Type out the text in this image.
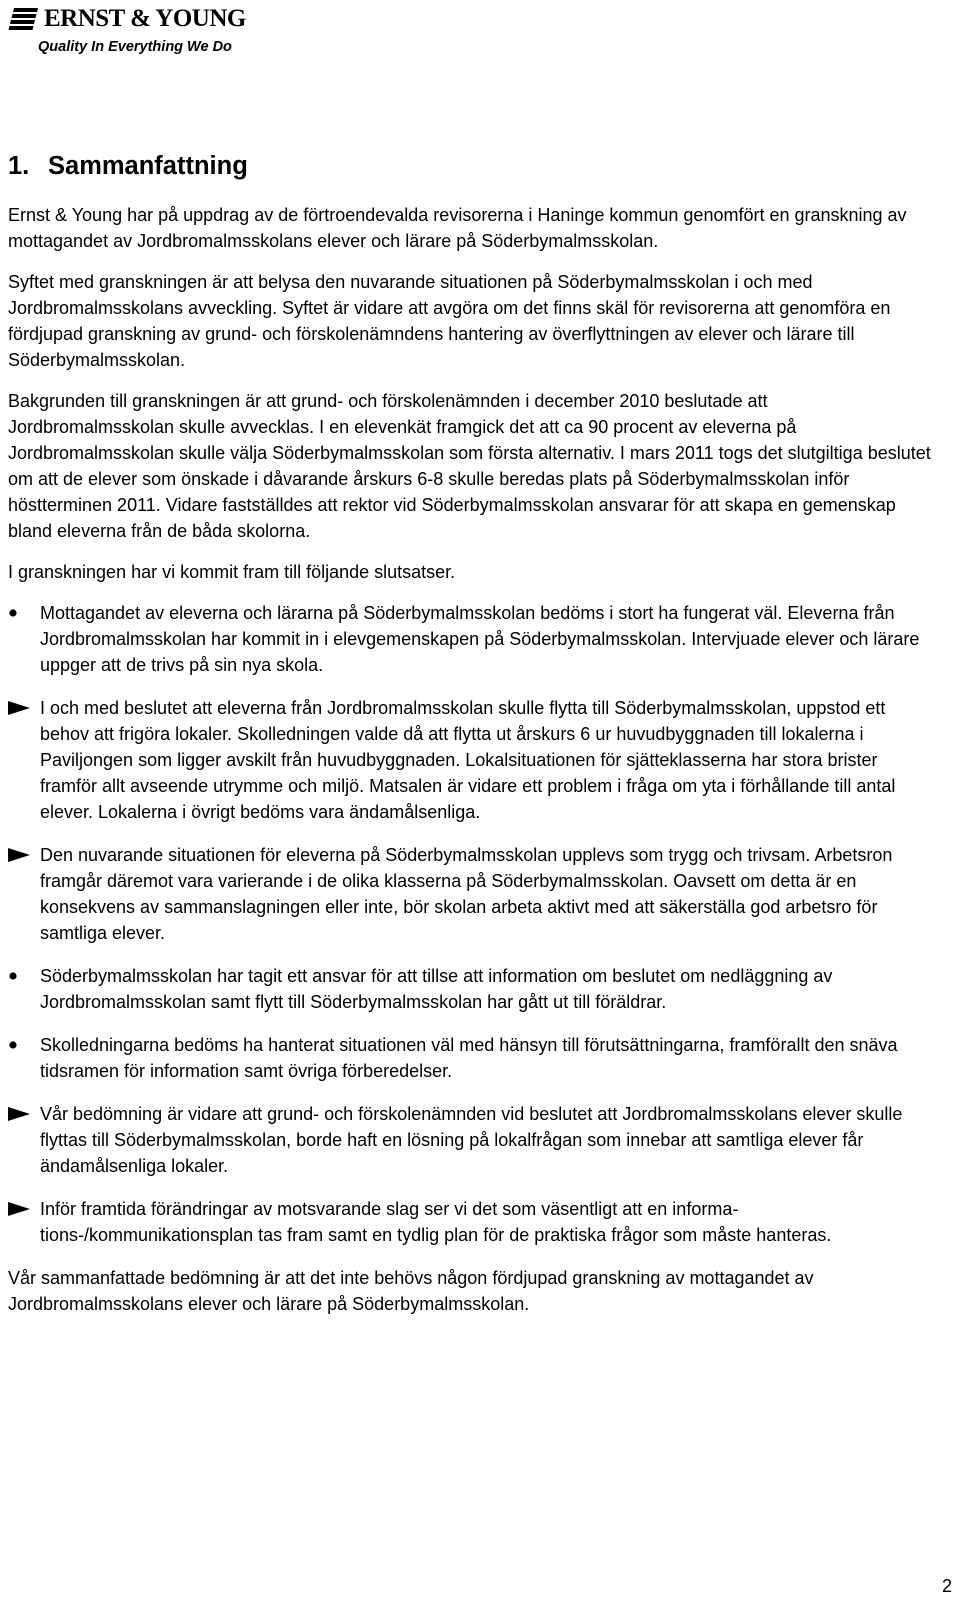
ERNST & YOUNG
Quality In Everything We Do
1. Sammanfattning

Ernst & Young har på uppdrag av de förtroendevalda revisorerna i Haninge kommun genomfört en granskning av mottagandet av Jordbromalmsskolans elever och lärare på Söderbymalmsskolan.

Syftet med granskningen är att belysa den nuvarande situationen på Söderbymalmsskolan i och med Jordbromalmsskolans avveckling. Syftet är vidare att avgöra om det finns skäl för revisorerna att genomföra en fördjupad granskning av grund- och förskolenämndens hantering av överflyttningen av elever och lärare till Söderbymalmsskolan.

Bakgrunden till granskningen är att grund- och förskolenämnden i december 2010 beslutade att Jordbromalmsskolan skulle avvecklas. I en elevenkät framgick det att ca 90 procent av eleverna på Jordbromalmsskolan skulle välja Söderbymalmsskolan som första alternativ. I mars 2011 togs det slutgiltiga beslutet om att de elever som önskade i dåvarande årskurs 6-8 skulle beredas plats på Söderbymalmsskolan inför höstterminen 2011. Vidare fastställdes att rektor vid Söderbymalmsskolan ansvarar för att skapa en gemenskap bland eleverna från de båda skolorna.

I granskningen har vi kommit fram till följande slutsatser.

Mottagandet av eleverna och lärarna på Söderbymalmsskolan bedöms i stort ha fungerat väl. Eleverna från Jordbromalmsskolan har kommit in i elevgemenskapen på Söderbymalmsskolan. Intervjuade elever och lärare uppger att de trivs på sin nya skola.
I och med beslutet att eleverna från Jordbromalmsskolan skulle flytta till Söderbymalmsskolan, uppstod ett behov att frigöra lokaler. Skolledningen valde då att flytta ut årskurs 6 ur huvudbyggnaden till lokalerna i Paviljongen som ligger avskilt från huvudbyggnaden. Lokalsituationen för sjätteklasserna har stora brister framför allt avseende utrymme och miljö. Matsalen är vidare ett problem i fråga om yta i förhållande till antal elever. Lokalerna i övrigt bedöms vara ändamålsenliga.
Den nuvarande situationen för eleverna på Söderbymalmsskolan upplevs som trygg och trivsam. Arbetsron framgår däremot vara varierande i de olika klasserna på Söderbymalmsskolan. Oavsett om detta är en konsekvens av sammanslagningen eller inte, bör skolan arbeta aktivt med att säkerställa god arbetsro för samtliga elever.
Söderbymalmsskolan har tagit ett ansvar för att tillse att information om beslutet om nedläggning av Jordbromalmsskolan samt flytt till Söderbymalmsskolan har gått ut till föräldrar.
Skolledningarna bedöms ha hanterat situationen väl med hänsyn till förutsättningarna, framförallt den snäva tidsramen för information samt övriga förberedelser.
Vår bedömning är vidare att grund- och förskolenämnden vid beslutet att Jordbromalmsskolans elever skulle flyttas till Söderbymalmsskolan, borde haft en lösning på lokalfrågan som innebar att samtliga elever får ändamålsenliga lokaler.
Inför framtida förändringar av motsvarande slag ser vi det som väsentligt att en informations-/kommunikationsplan tas fram samt en tydlig plan för de praktiska frågor som måste hanteras.

Vår sammanfattade bedömning är att det inte behövs någon fördjupad granskning av mottagandet av Jordbromalmsskolans elever och lärare på Söderbymalmsskolan.

2
